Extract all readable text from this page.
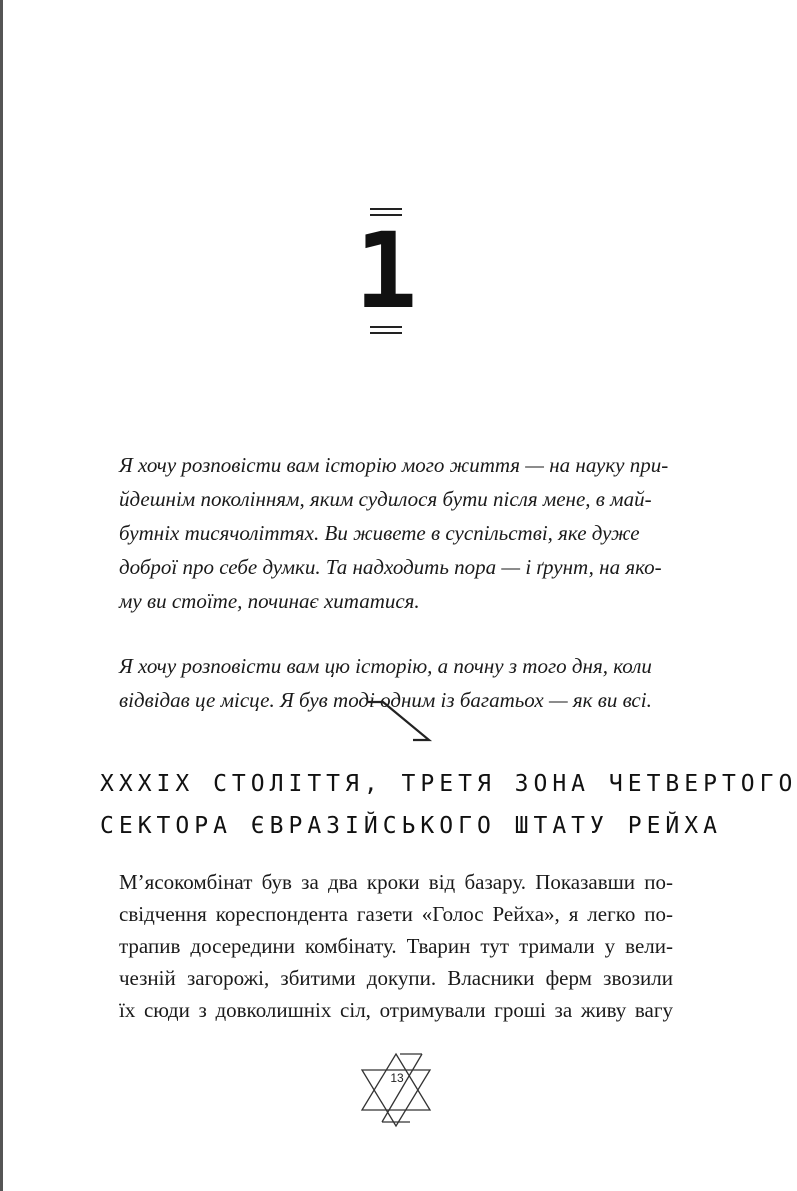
1

Я хочу розповісти вам історію мого життя — на науку при-
йдешнім поколінням, яким судилося бути після мене, в май-
бутніх тисячоліттях. Ви живете в суспільстві, яке дуже
доброї про себе думки. Та надходить пора — і ґрунт, на яко-
му ви стоїте, починає хитатися.

Я хочу розповісти вам цю історію, а почну з того дня, коли
відвідав це місце. Я був тоді одним із багатьох — як ви всі.

XXXIX СТОЛІТТЯ, ТРЕТЯ ЗОНА ЧЕТВЕРТОГО
СЕКТОРА ЄВРАЗІЙСЬКОГО ШТАТУ РЕЙХА
М’ясокомбінат був за два кроки від базару. Показавши по-
свідчення кореспондента газети «Голос Рейха», я легко по-
трапив досередини комбінату. Тварин тут тримали у вели-
чезній загорожі, збитими докупи. Власники ферм звозили
їх сюди з довколишніх сіл, отримували гроші за живу вагу
13
